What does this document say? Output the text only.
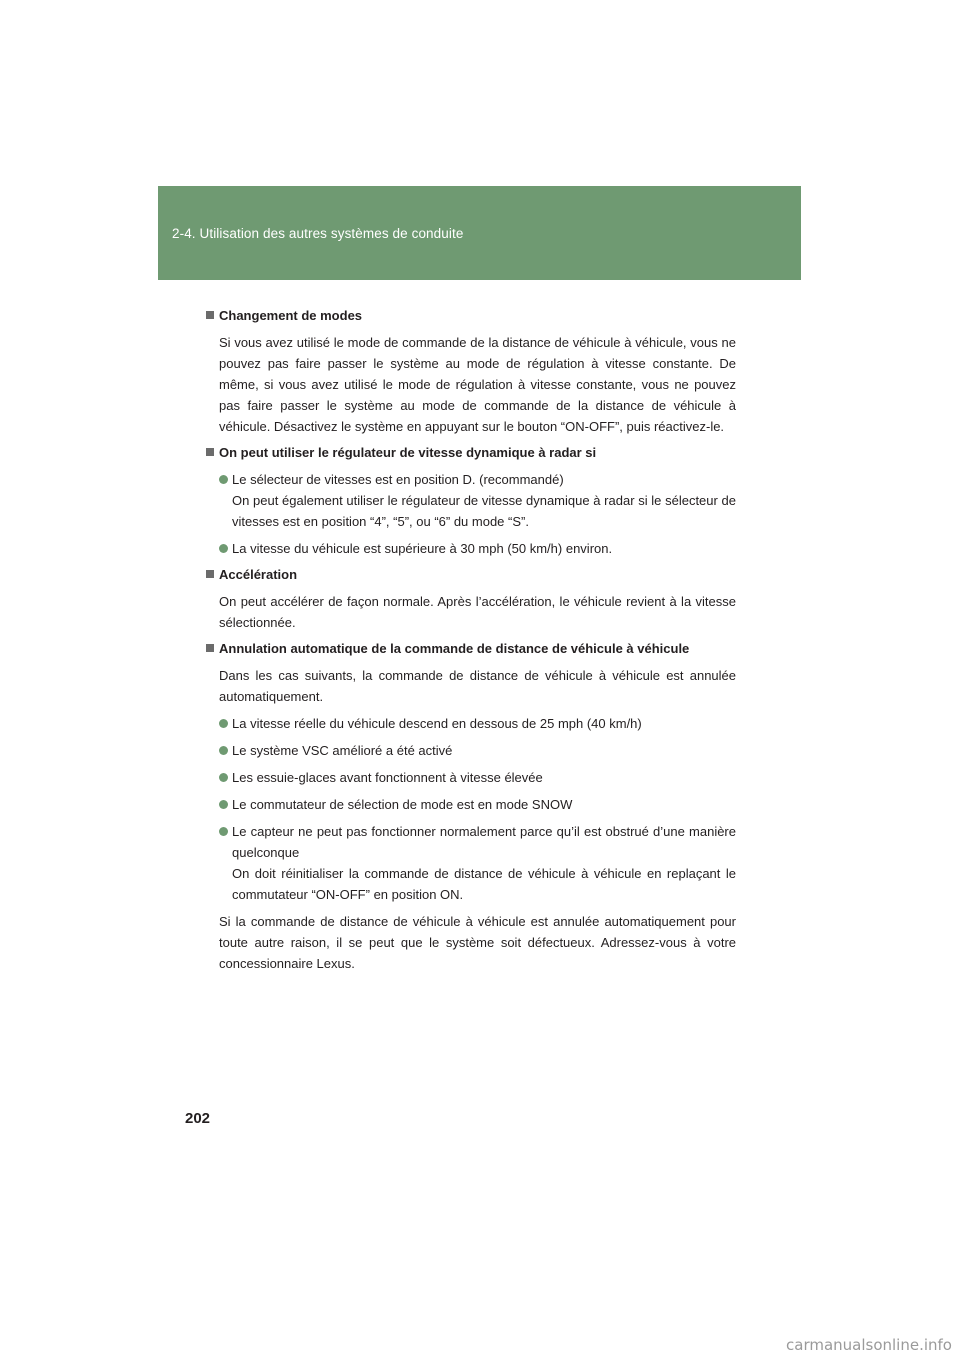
2-4. Utilisation des autres systèmes de conduite
Changement de modes
Si vous avez utilisé le mode de commande de la distance de véhicule à véhicule, vous ne pouvez pas faire passer le système au mode de régulation à vitesse constante. De même, si vous avez utilisé le mode de régulation à vitesse constante, vous ne pouvez pas faire passer le système au mode de commande de la distance de véhicule à véhicule. Désactivez le système en appuyant sur le bouton “ON-OFF”, puis réactivez-le.
On peut utiliser le régulateur de vitesse dynamique à radar si
Le sélecteur de vitesses est en position D. (recommandé)
On peut également utiliser le régulateur de vitesse dynamique à radar si le sélecteur de vitesses est en position “4”, “5”, ou “6” du mode “S”.
La vitesse du véhicule est supérieure à 30 mph (50 km/h) environ.
Accélération
On peut accélérer de façon normale. Après l’accélération, le véhicule revient à la vitesse sélectionnée.
Annulation automatique de la commande de distance de véhicule à véhicule
Dans les cas suivants, la commande de distance de véhicule à véhicule est annulée automatiquement.
La vitesse réelle du véhicule descend en dessous de 25 mph (40 km/h)
Le système VSC amélioré a été activé
Les essuie-glaces avant fonctionnent à vitesse élevée
Le commutateur de sélection de mode est en mode SNOW
Le capteur ne peut pas fonctionner normalement parce qu’il est obstrué d’une manière quelconque
On doit réinitialiser la commande de distance de véhicule à véhicule en replaçant le commutateur “ON-OFF” en position ON.
Si la commande de distance de véhicule à véhicule est annulée automatiquement pour toute autre raison, il se peut que le système soit défectueux. Adressez-vous à votre concessionnaire Lexus.
202
carmanualsonline.info
